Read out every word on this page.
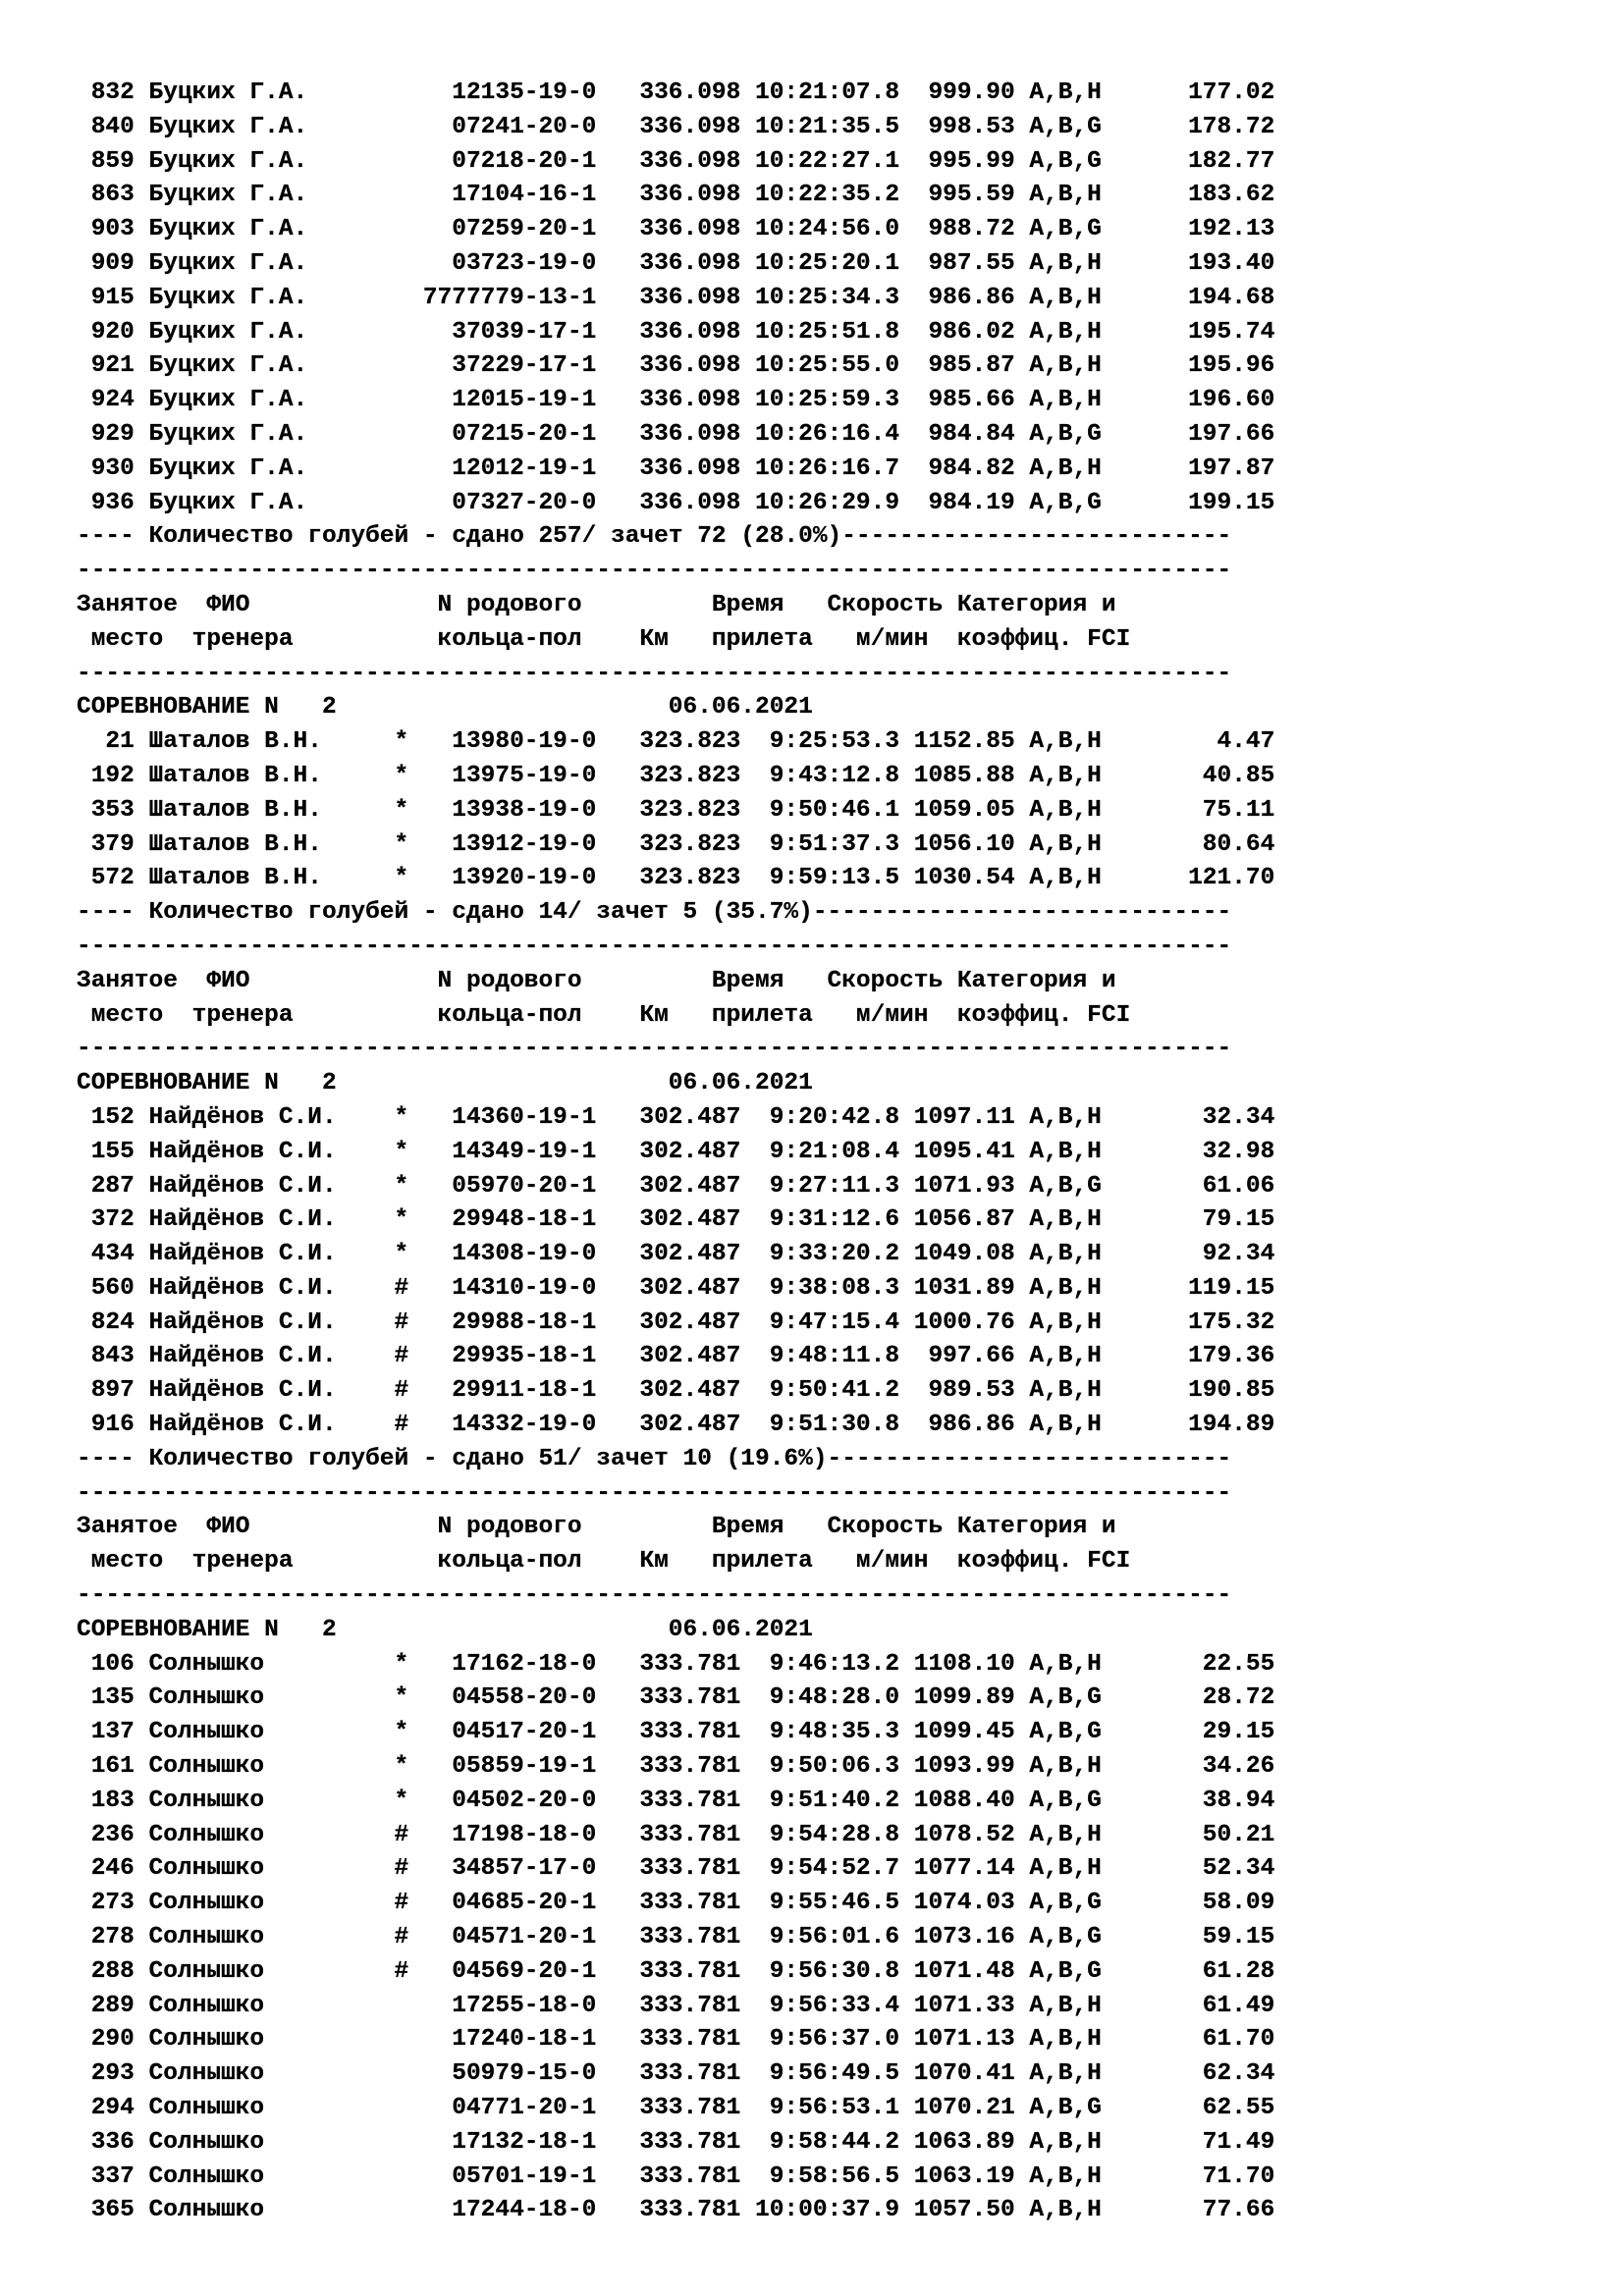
832 Буцких Г.А.          12135-19-0   336.098 10:21:07.8  999.90 A,B,H      177.02
840 Буцких Г.А.          07241-20-0   336.098 10:21:35.5  998.53 A,B,G      178.72
859 Буцких Г.А.          07218-20-1   336.098 10:22:27.1  995.99 A,B,G      182.77
863 Буцких Г.А.          17104-16-1   336.098 10:22:35.2  995.59 A,B,H      183.62
903 Буцких Г.А.          07259-20-1   336.098 10:24:56.0  988.72 A,B,G      192.13
909 Буцких Г.А.          03723-19-0   336.098 10:25:20.1  987.55 A,B,H      193.40
915 Буцких Г.А.        7777779-13-1   336.098 10:25:34.3  986.86 A,B,H      194.68
920 Буцких Г.А.          37039-17-1   336.098 10:25:51.8  986.02 A,B,H      195.74
921 Буцких Г.А.          37229-17-1   336.098 10:25:55.0  985.87 A,B,H      195.96
924 Буцких Г.А.          12015-19-1   336.098 10:25:59.3  985.66 A,B,H      196.60
929 Буцких Г.А.          07215-20-1   336.098 10:26:16.4  984.84 A,B,G      197.66
930 Буцких Г.А.          12012-19-1   336.098 10:26:16.7  984.82 A,B,H      197.87
936 Буцких Г.А.          07327-20-0   336.098 10:26:29.9  984.19 A,B,G      199.15
---- Количество голубей - сдано 257/ зачет 72 (28.0%)---------------------------
--------------------------------------------------------------------------------
Занятое  ФИО             N родового         Время   Скорость Категория и
место  тренера          кольца-пол    Км   прилета   м/мин  коэффиц. FCI
--------------------------------------------------------------------------------
СОРЕВНОВАНИЕ N   2                       06.06.2021
21 Шаталов В.Н.     *   13980-19-0   323.823  9:25:53.3 1152.85 A,B,H        4.47
192 Шаталов В.Н.     *   13975-19-0   323.823  9:43:12.8 1085.88 A,B,H       40.85
353 Шаталов В.Н.     *   13938-19-0   323.823  9:50:46.1 1059.05 A,B,H       75.11
379 Шаталов В.Н.     *   13912-19-0   323.823  9:51:37.3 1056.10 A,B,H       80.64
572 Шаталов В.Н.     *   13920-19-0   323.823  9:59:13.5 1030.54 A,B,H      121.70
---- Количество голубей - сдано 14/ зачет 5 (35.7%)-----------------------------
--------------------------------------------------------------------------------
Занятое  ФИО             N родового         Время   Скорость Категория и
место  тренера          кольца-пол    Км   прилета   м/мин  коэффиц. FCI
--------------------------------------------------------------------------------
СОРЕВНОВАНИЕ N   2                       06.06.2021
152 Найдёнов С.И.    *   14360-19-1   302.487  9:20:42.8 1097.11 A,B,H       32.34
155 Найдёнов С.И.    *   14349-19-1   302.487  9:21:08.4 1095.41 A,B,H       32.98
287 Найдёнов С.И.    *   05970-20-1   302.487  9:27:11.3 1071.93 A,B,G       61.06
372 Найдёнов С.И.    *   29948-18-1   302.487  9:31:12.6 1056.87 A,B,H       79.15
434 Найдёнов С.И.    *   14308-19-0   302.487  9:33:20.2 1049.08 A,B,H       92.34
560 Найдёнов С.И.    #   14310-19-0   302.487  9:38:08.3 1031.89 A,B,H      119.15
824 Найдёнов С.И.    #   29988-18-1   302.487  9:47:15.4 1000.76 A,B,H      175.32
843 Найдёнов С.И.    #   29935-18-1   302.487  9:48:11.8  997.66 A,B,H      179.36
897 Найдёнов С.И.    #   29911-18-1   302.487  9:50:41.2  989.53 A,B,H      190.85
916 Найдёнов С.И.    #   14332-19-0   302.487  9:51:30.8  986.86 A,B,H      194.89
---- Количество голубей - сдано 51/ зачет 10 (19.6%)----------------------------
--------------------------------------------------------------------------------
Занятое  ФИО             N родового         Время   Скорость Категория и
место  тренера          кольца-пол    Км   прилета   м/мин  коэффиц. FCI
--------------------------------------------------------------------------------
СОРЕВНОВАНИЕ N   2                       06.06.2021
106 Солнышко         *   17162-18-0   333.781  9:46:13.2 1108.10 A,B,H       22.55
135 Солнышко         *   04558-20-0   333.781  9:48:28.0 1099.89 A,B,G       28.72
137 Солнышко         *   04517-20-1   333.781  9:48:35.3 1099.45 A,B,G       29.15
161 Солнышко         *   05859-19-1   333.781  9:50:06.3 1093.99 A,B,H       34.26
183 Солнышко         *   04502-20-0   333.781  9:51:40.2 1088.40 A,B,G       38.94
236 Солнышко         #   17198-18-0   333.781  9:54:28.8 1078.52 A,B,H       50.21
246 Солнышко         #   34857-17-0   333.781  9:54:52.7 1077.14 A,B,H       52.34
273 Солнышко         #   04685-20-1   333.781  9:55:46.5 1074.03 A,B,G       58.09
278 Солнышко         #   04571-20-1   333.781  9:56:01.6 1073.16 A,B,G       59.15
288 Солнышко         #   04569-20-1   333.781  9:56:30.8 1071.48 A,B,G       61.28
289 Солнышко             17255-18-0   333.781  9:56:33.4 1071.33 A,B,H       61.49
290 Солнышко             17240-18-1   333.781  9:56:37.0 1071.13 A,B,H       61.70
293 Солнышко             50979-15-0   333.781  9:56:49.5 1070.41 A,B,H       62.34
294 Солнышко             04771-20-1   333.781  9:56:53.1 1070.21 A,B,G       62.55
336 Солнышко             17132-18-1   333.781  9:58:44.2 1063.89 A,B,H       71.49
337 Солнышко             05701-19-1   333.781  9:58:56.5 1063.19 A,B,H       71.70
365 Солнышко             17244-18-0   333.781 10:00:37.9 1057.50 A,B,H       77.66
